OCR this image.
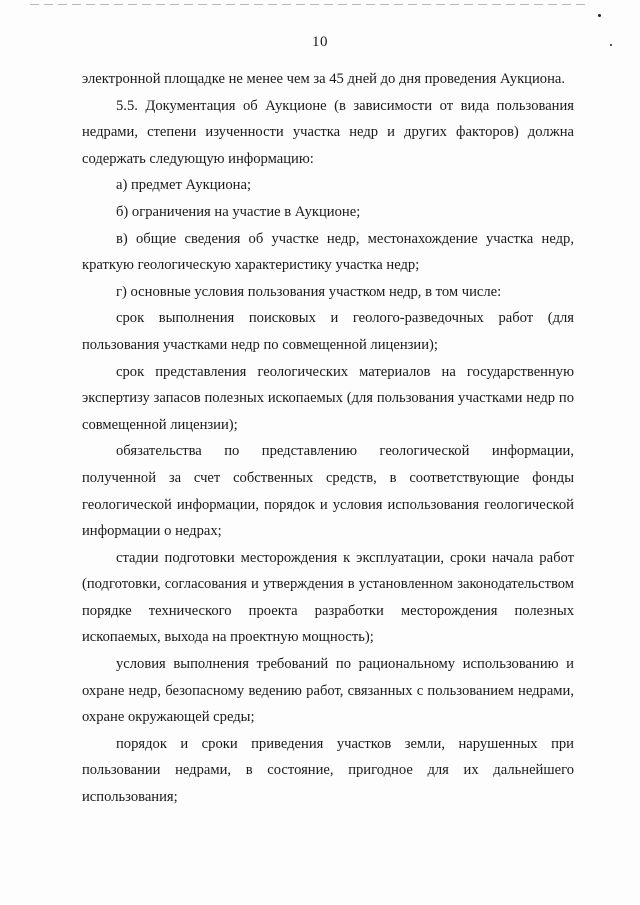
10

электронной площадке не менее чем за 45 дней до дня проведения Аукциона.

5.5. Документация об Аукционе (в зависимости от вида пользования недрами, степени изученности участка недр и других факторов) должна содержать следующую информацию:

а) предмет Аукциона;

б) ограничения на участие в Аукционе;

в) общие сведения об участке недр, местонахождение участка недр, краткую геологическую характеристику участка недр;

г) основные условия пользования участком недр, в том числе:

срок выполнения поисковых и геолого-разведочных работ (для пользования участками недр по совмещенной лицензии);

срок представления геологических материалов на государственную экспертизу запасов полезных ископаемых (для пользования участками недр по совмещенной лицензии);

обязательства по представлению геологической информации, полученной за счет собственных средств, в соответствующие фонды геологической информации, порядок и условия использования геологической информации о недрах;

стадии подготовки месторождения к эксплуатации, сроки начала работ (подготовки, согласования и утверждения в установленном законодательством порядке технического проекта разработки месторождения полезных ископаемых, выхода на проектную мощность);

условия выполнения требований по рациональному использованию и охране недр, безопасному ведению работ, связанных с пользованием недрами, охране окружающей среды;

порядок и сроки приведения участков земли, нарушенных при пользовании недрами, в состояние, пригодное для их дальнейшего использования;
